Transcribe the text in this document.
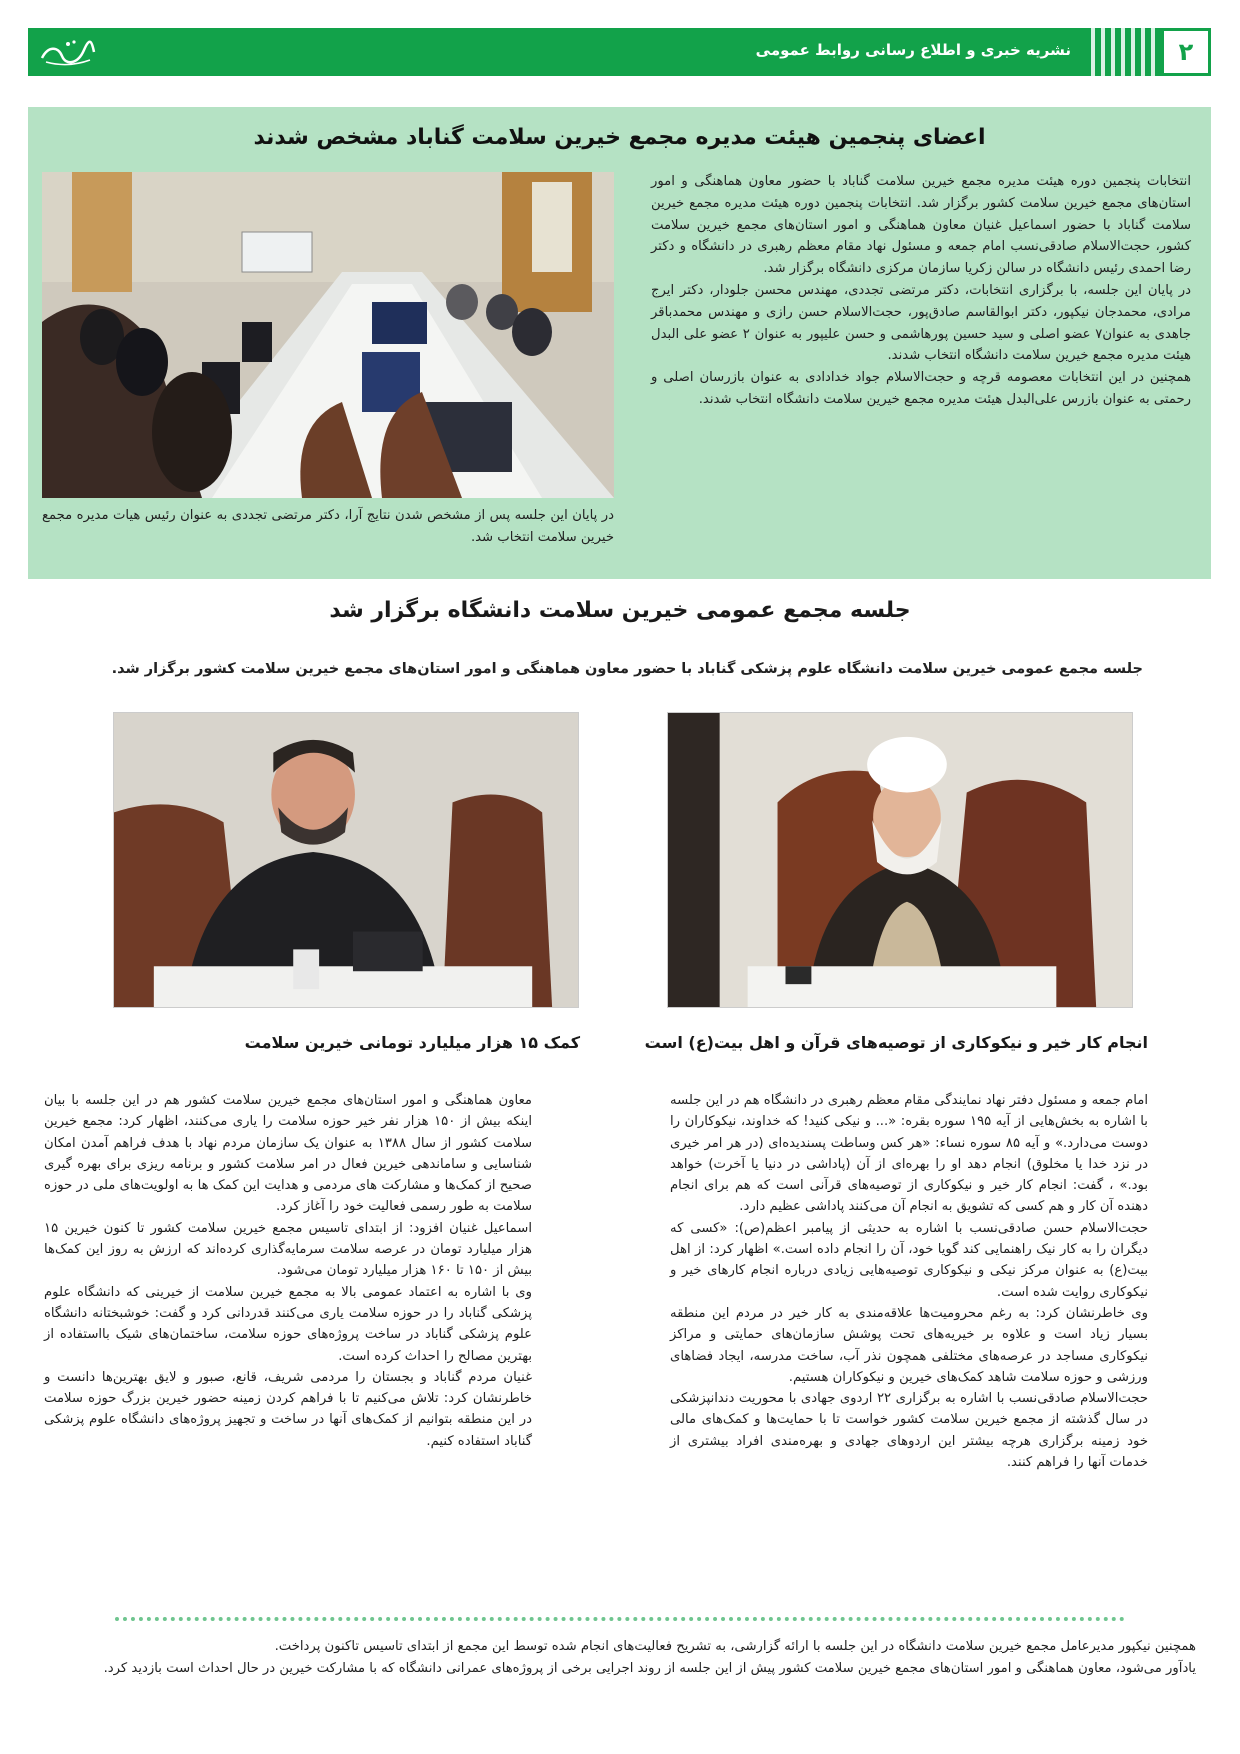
۲
نشریه خبری و اطلاع رسانی روابط عمومی
اعضای پنجمین هیئت مدیره مجمع خیرین سلامت گناباد مشخص شدند

انتخابات پنجمین دوره هیئت مدیره مجمع خیرین سلامت گناباد با حضور معاون هماهنگی و امور استان‌های مجمع خیرین سلامت کشور برگزار شد. انتخابات پنجمین دوره هیئت مدیره مجمع خیرین سلامت گناباد با حضور اسماعیل غنیان معاون هماهنگی و امور استان‌های مجمع خیرین سلامت کشور، حجت‌الاسلام صادقی‌نسب امام جمعه و مسئول نهاد مقام معظم رهبری در دانشگاه و دکتر رضا احمدی رئیس دانشگاه در سالن زکریا سازمان مرکزی دانشگاه برگزار شد.

در پایان این جلسه، با برگزاری انتخابات، دکتر مرتضی تجددی، مهندس محسن جلودار، دکتر ایرج مرادی، محمدجان نیکپور، دکتر ابوالقاسم صادق‌پور، حجت‌الاسلام حسن رازی و مهندس محمدباقر جاهدی به عنوان۷ عضو اصلی و سید حسین پورهاشمی و حسن علیپور به عنوان ۲ عضو علی البدل هیئت مدیره مجمع خیرین سلامت دانشگاه انتخاب شدند.

همچنین در این انتخابات معصومه قرچه و حجت‌الاسلام جواد خدادادی به عنوان بازرسان اصلی و رحمتی به عنوان بازرس علی‌البدل هیئت مدیره مجمع خیرین سلامت دانشگاه انتخاب شدند.

در پایان این جلسه پس از مشخص شدن نتایج آرا، دکتر مرتضی تجددی به عنوان رئیس هیات مدیره مجمع خیرین سلامت انتخاب شد.

جلسه مجمع عمومی خیرین سلامت دانشگاه برگزار شد

جلسه مجمع عمومی خیرین سلامت دانشگاه علوم پزشکی گناباد با حضور معاون هماهنگی و امور استان‌های مجمع خیرین سلامت کشور برگزار شد.

انجام کار خیر و نیکوکاری از توصیه‌های قرآن و اهل بیت(ع) است
کمک ۱۵ هزار میلیارد تومانی خیرین سلامت

امام جمعه و مسئول دفتر نهاد نمایندگی مقام معظم رهبری در دانشگاه هم در این جلسه با اشاره به بخش‌هایی از آیه ۱۹۵ سوره بقره: «... و نیکی کنید! که خداوند، نیکوکاران را دوست می‌دارد.» و آیه ۸۵ سوره نساء: «هر کس وساطت پسندیده‌ای (در هر امر خیری در نزد خدا یا مخلوق) انجام دهد او را بهره‌ای از آن (پاداشی در دنیا یا آخرت) خواهد بود.» ، گفت: انجام کار خیر و نیکوکاری از توصیه‌های قرآنی است که هم برای انجام دهنده آن کار و هم کسی که تشویق به انجام آن می‌کنند پاداشی عظیم دارد.

حجت‌الاسلام حسن صادقی‌نسب با اشاره به حدیثی از پیامبر اعظم(ص): «کسی که دیگران را به کار نیک راهنمایی کند گویا خود، آن را انجام داده است.» اظهار کرد: از اهل بیت(ع) به عنوان مرکز نیکی و نیکوکاری توصیه‌هایی زیادی درباره انجام کارهای خیر و نیکوکاری روایت شده است.

وی خاطرنشان کرد: به رغم محرومیت‌ها علاقه‌مندی به کار خیر در مردم این منطقه بسیار زیاد است و علاوه بر خیریه‌های تحت پوشش سازمان‌های حمایتی و مراکز نیکوکاری مساجد در عرصه‌های مختلفی همچون نذر آب، ساخت مدرسه، ایجاد فضاهای ورزشی و حوزه سلامت شاهد کمک‌های خیرین و نیکوکاران هستیم.

حجت‌الاسلام صادقی‌نسب با اشاره به برگزاری ۲۲ اردوی جهادی با محوریت دندانپزشکی در سال گذشته از مجمع خیرین سلامت کشور خواست تا با حمایت‌ها و کمک‌های مالی خود زمینه برگزاری هرچه بیشتر این اردوهای جهادی و بهره‌مندی افراد بیشتری از خدمات آنها را فراهم کنند.

معاون هماهنگی و امور استان‌های مجمع خیرین سلامت کشور هم در این جلسه با بیان اینکه بیش از ۱۵۰ هزار نفر خیر حوزه سلامت را یاری می‌کنند، اظهار کرد: مجمع خیرین سلامت کشور از سال ۱۳۸۸ به عنوان یک سازمان مردم نهاد با هدف فراهم آمدن امکان شناسایی و ساماندهی خیرین فعال در امر سلامت کشور و برنامه ریزی برای بهره گیری صحیح از کمک‌ها و مشارکت های مردمی و هدایت این کمک ها به اولویت‌های ملی در حوزه سلامت به طور رسمی فعالیت خود را آغاز کرد.

اسماعیل غنیان افزود: از ابتدای تاسیس مجمع خیرین سلامت کشور تا کنون خیرین ۱۵ هزار میلیارد تومان در عرصه سلامت سرمایه‌گذاری کرده‌اند که ارزش به روز این کمک‌ها بیش از ۱۵۰ تا ۱۶۰ هزار میلیارد تومان می‌شود.

وی با اشاره به اعتماد عمومی بالا به مجمع خیرین سلامت از خیرینی که دانشگاه علوم پزشکی گناباد را در حوزه سلامت یاری می‌کنند قدردانی کرد و گفت: خوشبختانه دانشگاه علوم پزشکی گناباد در ساخت پروژه‌های حوزه سلامت، ساختمان‌های شیک بااستفاده از بهترین مصالح را احداث کرده است.

غنیان مردم گناباد و بجستان را مردمی شریف، قانع، صبور و لایق بهترین‌ها دانست و خاطرنشان کرد: تلاش می‌کنیم تا با فراهم کردن زمینه حضور خیرین بزرگ حوزه سلامت در این منطقه بتوانیم از کمک‌های آنها در ساخت و تجهیز پروژه‌های دانشگاه علوم پزشکی گناباد استفاده کنیم.

همچنین نیکپور مدیرعامل مجمع خیرین سلامت دانشگاه در این جلسه با ارائه گزارشی، به تشریح فعالیت‌های انجام شده توسط این مجمع از ابتدای تاسیس تاکنون پرداخت.

یادآور می‌شود، معاون هماهنگی و امور استان‌های مجمع خیرین سلامت کشور پیش از این جلسه از روند اجرایی برخی از پروژه‌های عمرانی دانشگاه که با مشارکت خیرین در حال احداث است بازدید کرد.
